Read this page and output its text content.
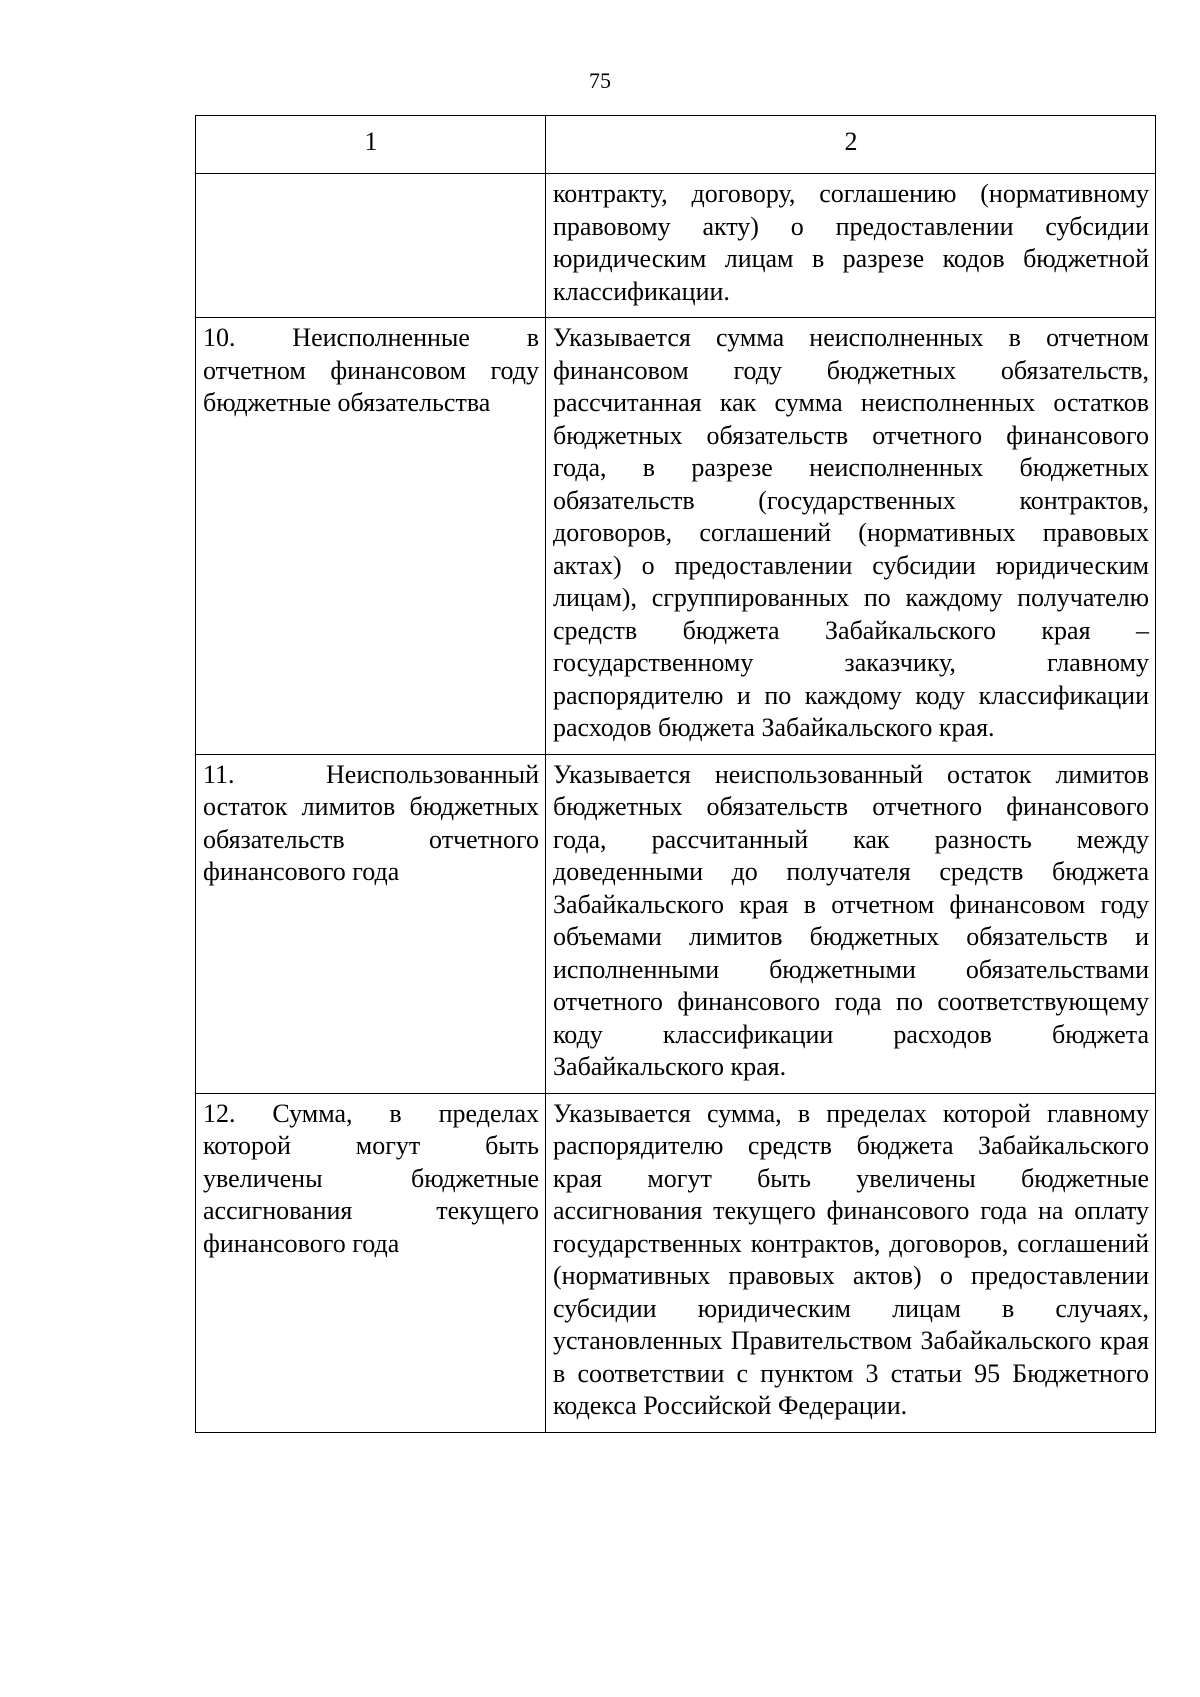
75
1	2
	контракту, договору, соглашению (нормативному правовому акту) о предоставлении субсидии юридическим лицам в разрезе кодов бюджетной классификации.
10. Неисполненные в отчетном финансовом году бюджетные обязательства	Указывается сумма неисполненных в отчетном финансовом году бюджетных обязательств, рассчитанная как сумма неисполненных остатков бюджетных обязательств отчетного финансового года, в разрезе неисполненных бюджетных обязательств (государственных контрактов, договоров, соглашений (нормативных правовых актах) о предоставлении субсидии юридическим лицам), сгруппированных по каждому получателю средств бюджета Забайкальского края – государственному заказчику, главному распорядителю и по каждому коду классификации расходов бюджета Забайкальского края.
11. Неиспользованный остаток лимитов бюджетных обязательств отчетного финансового года	Указывается неиспользованный остаток лимитов бюджетных обязательств отчетного финансового года, рассчитанный как разность между доведенными до получателя средств бюджета Забайкальского края в отчетном финансовом году объемами лимитов бюджетных обязательств и исполненными бюджетными обязательствами отчетного финансового года по соответствующему коду классификации расходов бюджета Забайкальского края.
12. Сумма, в пределах которой могут быть увеличены бюджетные ассигнования текущего финансового года	Указывается сумма, в пределах которой главному распорядителю средств бюджета Забайкальского края могут быть увеличены бюджетные ассигнования текущего финансового года на оплату государственных контрактов, договоров, соглашений (нормативных правовых актов) о предоставлении субсидии юридическим лицам в случаях, установленных Правительством Забайкальского края в соответствии с пунктом 3 статьи 95 Бюджетного кодекса Российской Федерации.
